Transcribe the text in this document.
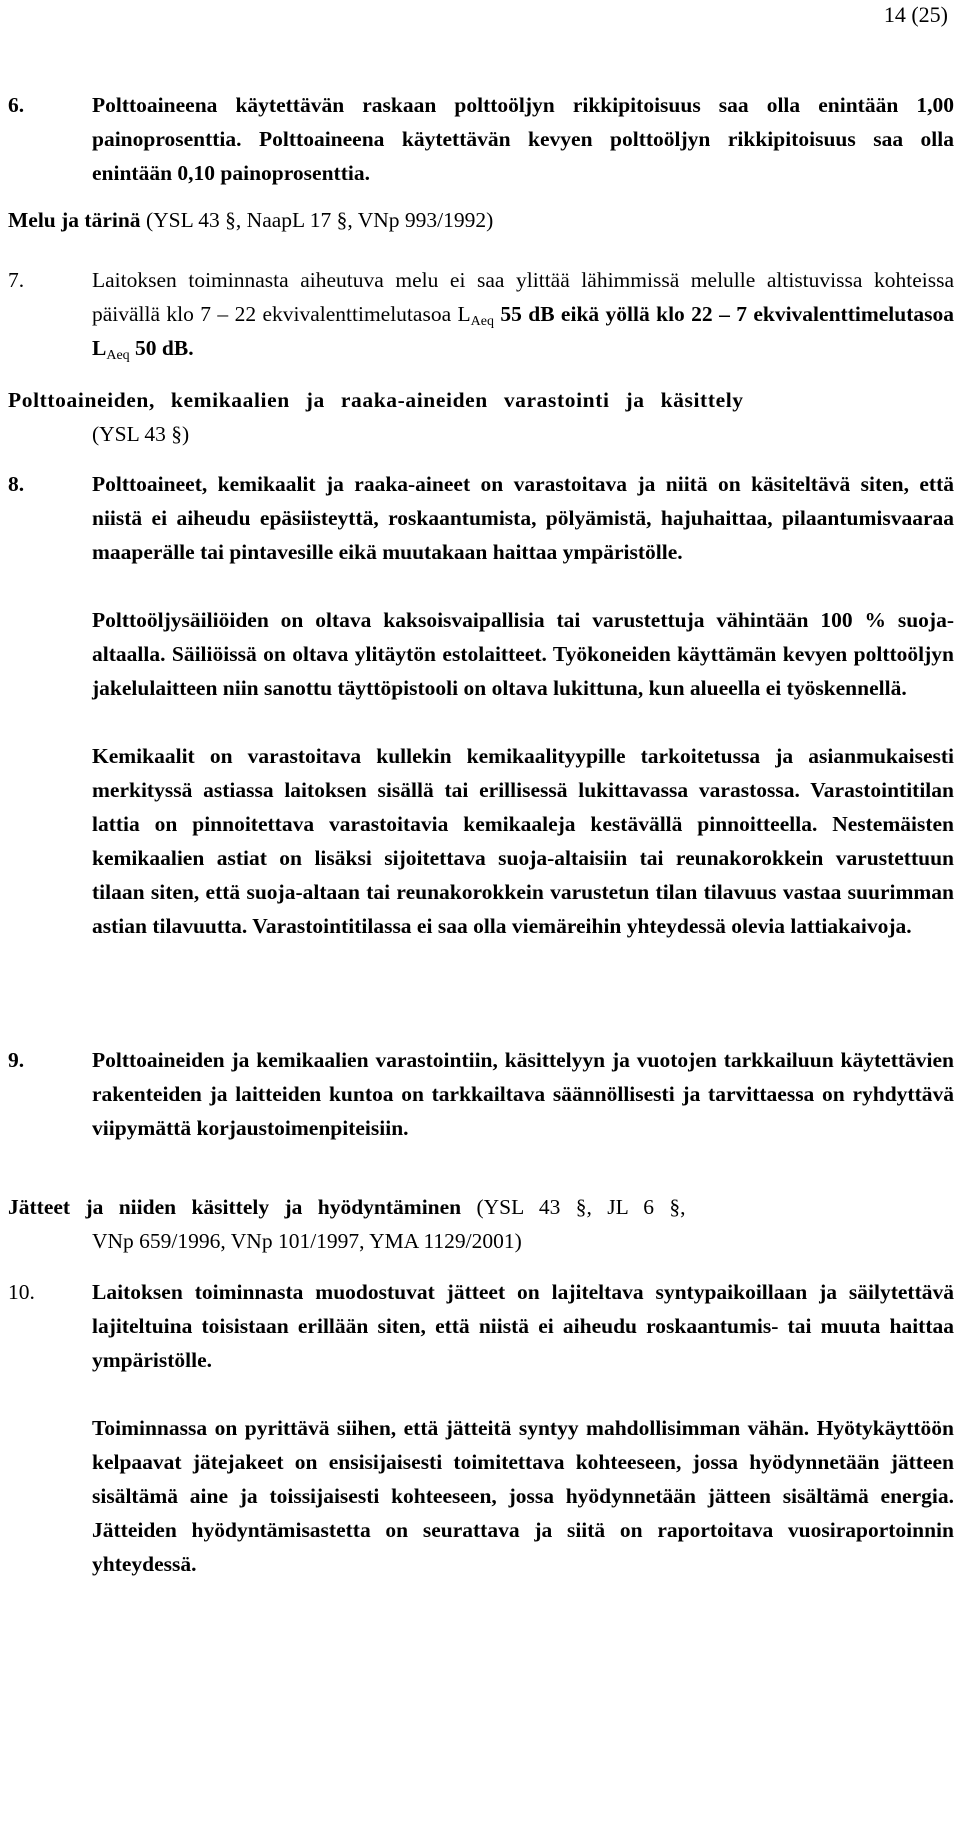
14 (25)
6.	Polttoaineena käytettävän raskaan polttoöljyn rikkipitoisuus saa olla enintään 1,00 painoprosenttia. Polttoaineena käytettävän kevyen polttoöljyn rikkipitoisuus saa olla enintään 0,10 painoprosenttia.
Melu ja tärinä (YSL 43 §, NaapL 17 §, VNp 993/1992)
7.	Laitoksen toiminnasta aiheutuva melu ei saa ylittää lähimmissä melulle altistuvissa kohteissa päivällä klo 7 – 22 ekvivalenttimelutasoa $L_{Aeq}$ 55 dB eikä yöllä klo 22 – 7 ekvivalenttimelutasoa $L_{Aeq}$ 50 dB.
Polttoaineiden, kemikaalien ja raaka-aineiden varastointi ja käsittely
(YSL 43 §)
8.	Polttoaineet, kemikaalit ja raaka-aineet on varastoitava ja niitä on käsiteltävä siten, että niistä ei aiheudu epäsiisteyttä, roskaantumista, pölyämistä, hajuhaittaa, pilaantumisvaaraa maaperälle tai pintavesille eikä muutakaan haittaa ympäristölle.
Polttoöljysäiliöiden on oltava kaksoisvaipallisia tai varustettuja vähintään 100 % suoja-altaalla. Säiliöissä on oltava ylitäytön estolaitteet. Työkoneiden käyttämän kevyen polttoöljyn jakelulaitteen niin sanottu täyttöpistooli on oltava lukittuna, kun alueella ei työskennellä.
Kemikaalit on varastoitava kullekin kemikaalityypille tarkoitetussa ja asianmukaisesti merkityssä astiassa laitoksen sisällä tai erillisessä lukittavassa varastossa. Varastointitilan lattia on pinnoitettava varastoitavia kemikaaleja kestävällä pinnoitteella. Nestemäisten kemikaalien astiat on lisäksi sijoitettava suoja-altaisiin tai reunakorokkein varustettuun tilaan siten, että suoja-altaan tai reunakorokkein varustetun tilan tilavuus vastaa suurimman astian tilavuutta. Varastointitilassa ei saa olla viemäreihin yhteydessä olevia lattiakaivoja.
9.	Polttoaineiden ja kemikaalien varastointiin, käsittelyyn ja vuotojen tarkkailuun käytettävien rakenteiden ja laitteiden kuntoa on tarkkailtava säännöllisesti ja tarvittaessa on ryhdyttävä viipymättä korjaustoimenpiteisiin.
Jätteet ja niiden käsittely ja hyödyntäminen (YSL 43 §, JL 6 §,
VNp 659/1996, VNp 101/1997, YMA 1129/2001)
10.	Laitoksen toiminnasta muodostuvat jätteet on lajiteltava syntypaikoillaan ja säilytettävä lajiteltuina toisistaan erillään siten, että niistä ei aiheudu roskaantumis- tai muuta haittaa ympäristölle.
Toiminnassa on pyrittävä siihen, että jätteitä syntyy mahdollisimman vähän. Hyötykäyttöön kelpaavat jätejakeet on ensisijaisesti toimitettava kohteeseen, jossa hyödynnetään jätteen sisältämä aine ja toissijaisesti kohteeseen, jossa hyödynnetään jätteen sisältämä energia. Jätteiden hyödyntämisastetta on seurattava ja siitä on raportoitava vuosiraportoinnin yhteydessä.
